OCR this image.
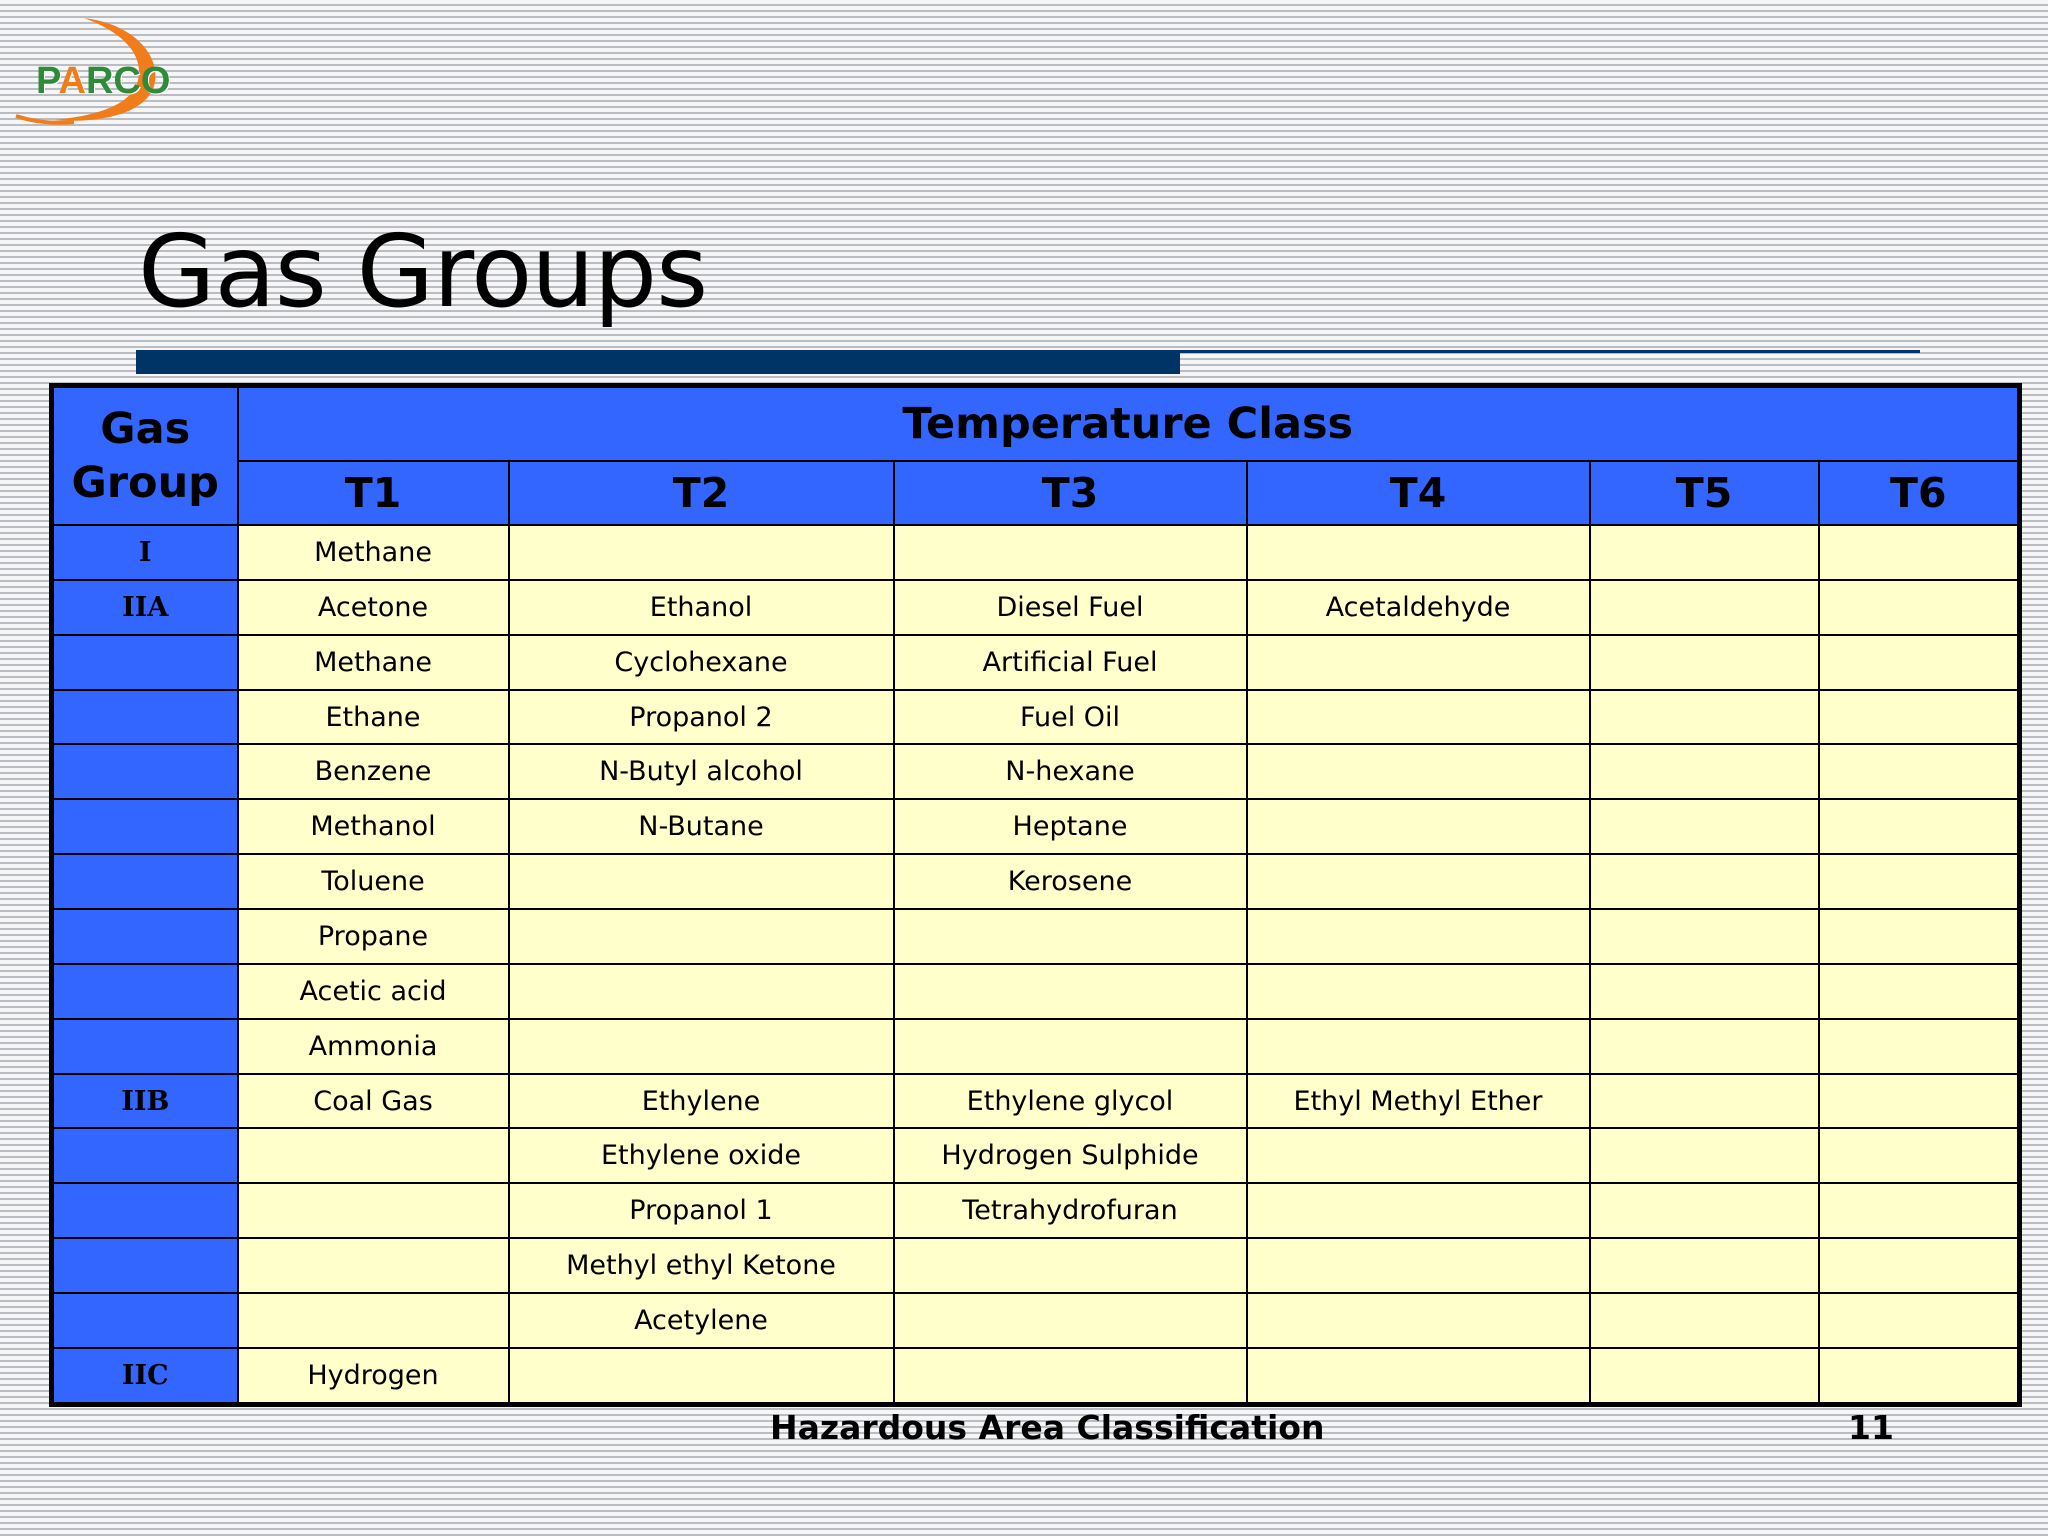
PARCO
Gas Groups
Gas Group	Temperature Class					
	T1	T2	T3	T4	T5	T6
I	Methane					
IIA	Acetone	Ethanol	Diesel Fuel	Acetaldehyde		
	Methane	Cyclohexane	Artificial Fuel			
	Ethane	Propanol 2	Fuel Oil			
	Benzene	N-Butyl alcohol	N-hexane			
	Methanol	N-Butane	Heptane			
	Toluene		Kerosene			
	Propane					
	Acetic acid					
	Ammonia					
IIB	Coal Gas	Ethylene	Ethylene glycol	Ethyl Methyl Ether		
		Ethylene oxide	Hydrogen Sulphide			
		Propanol 1	Tetrahydrofuran			
		Methyl ethyl Ketone				
		Acetylene				
IIC	Hydrogen					
Hazardous Area Classification	11
